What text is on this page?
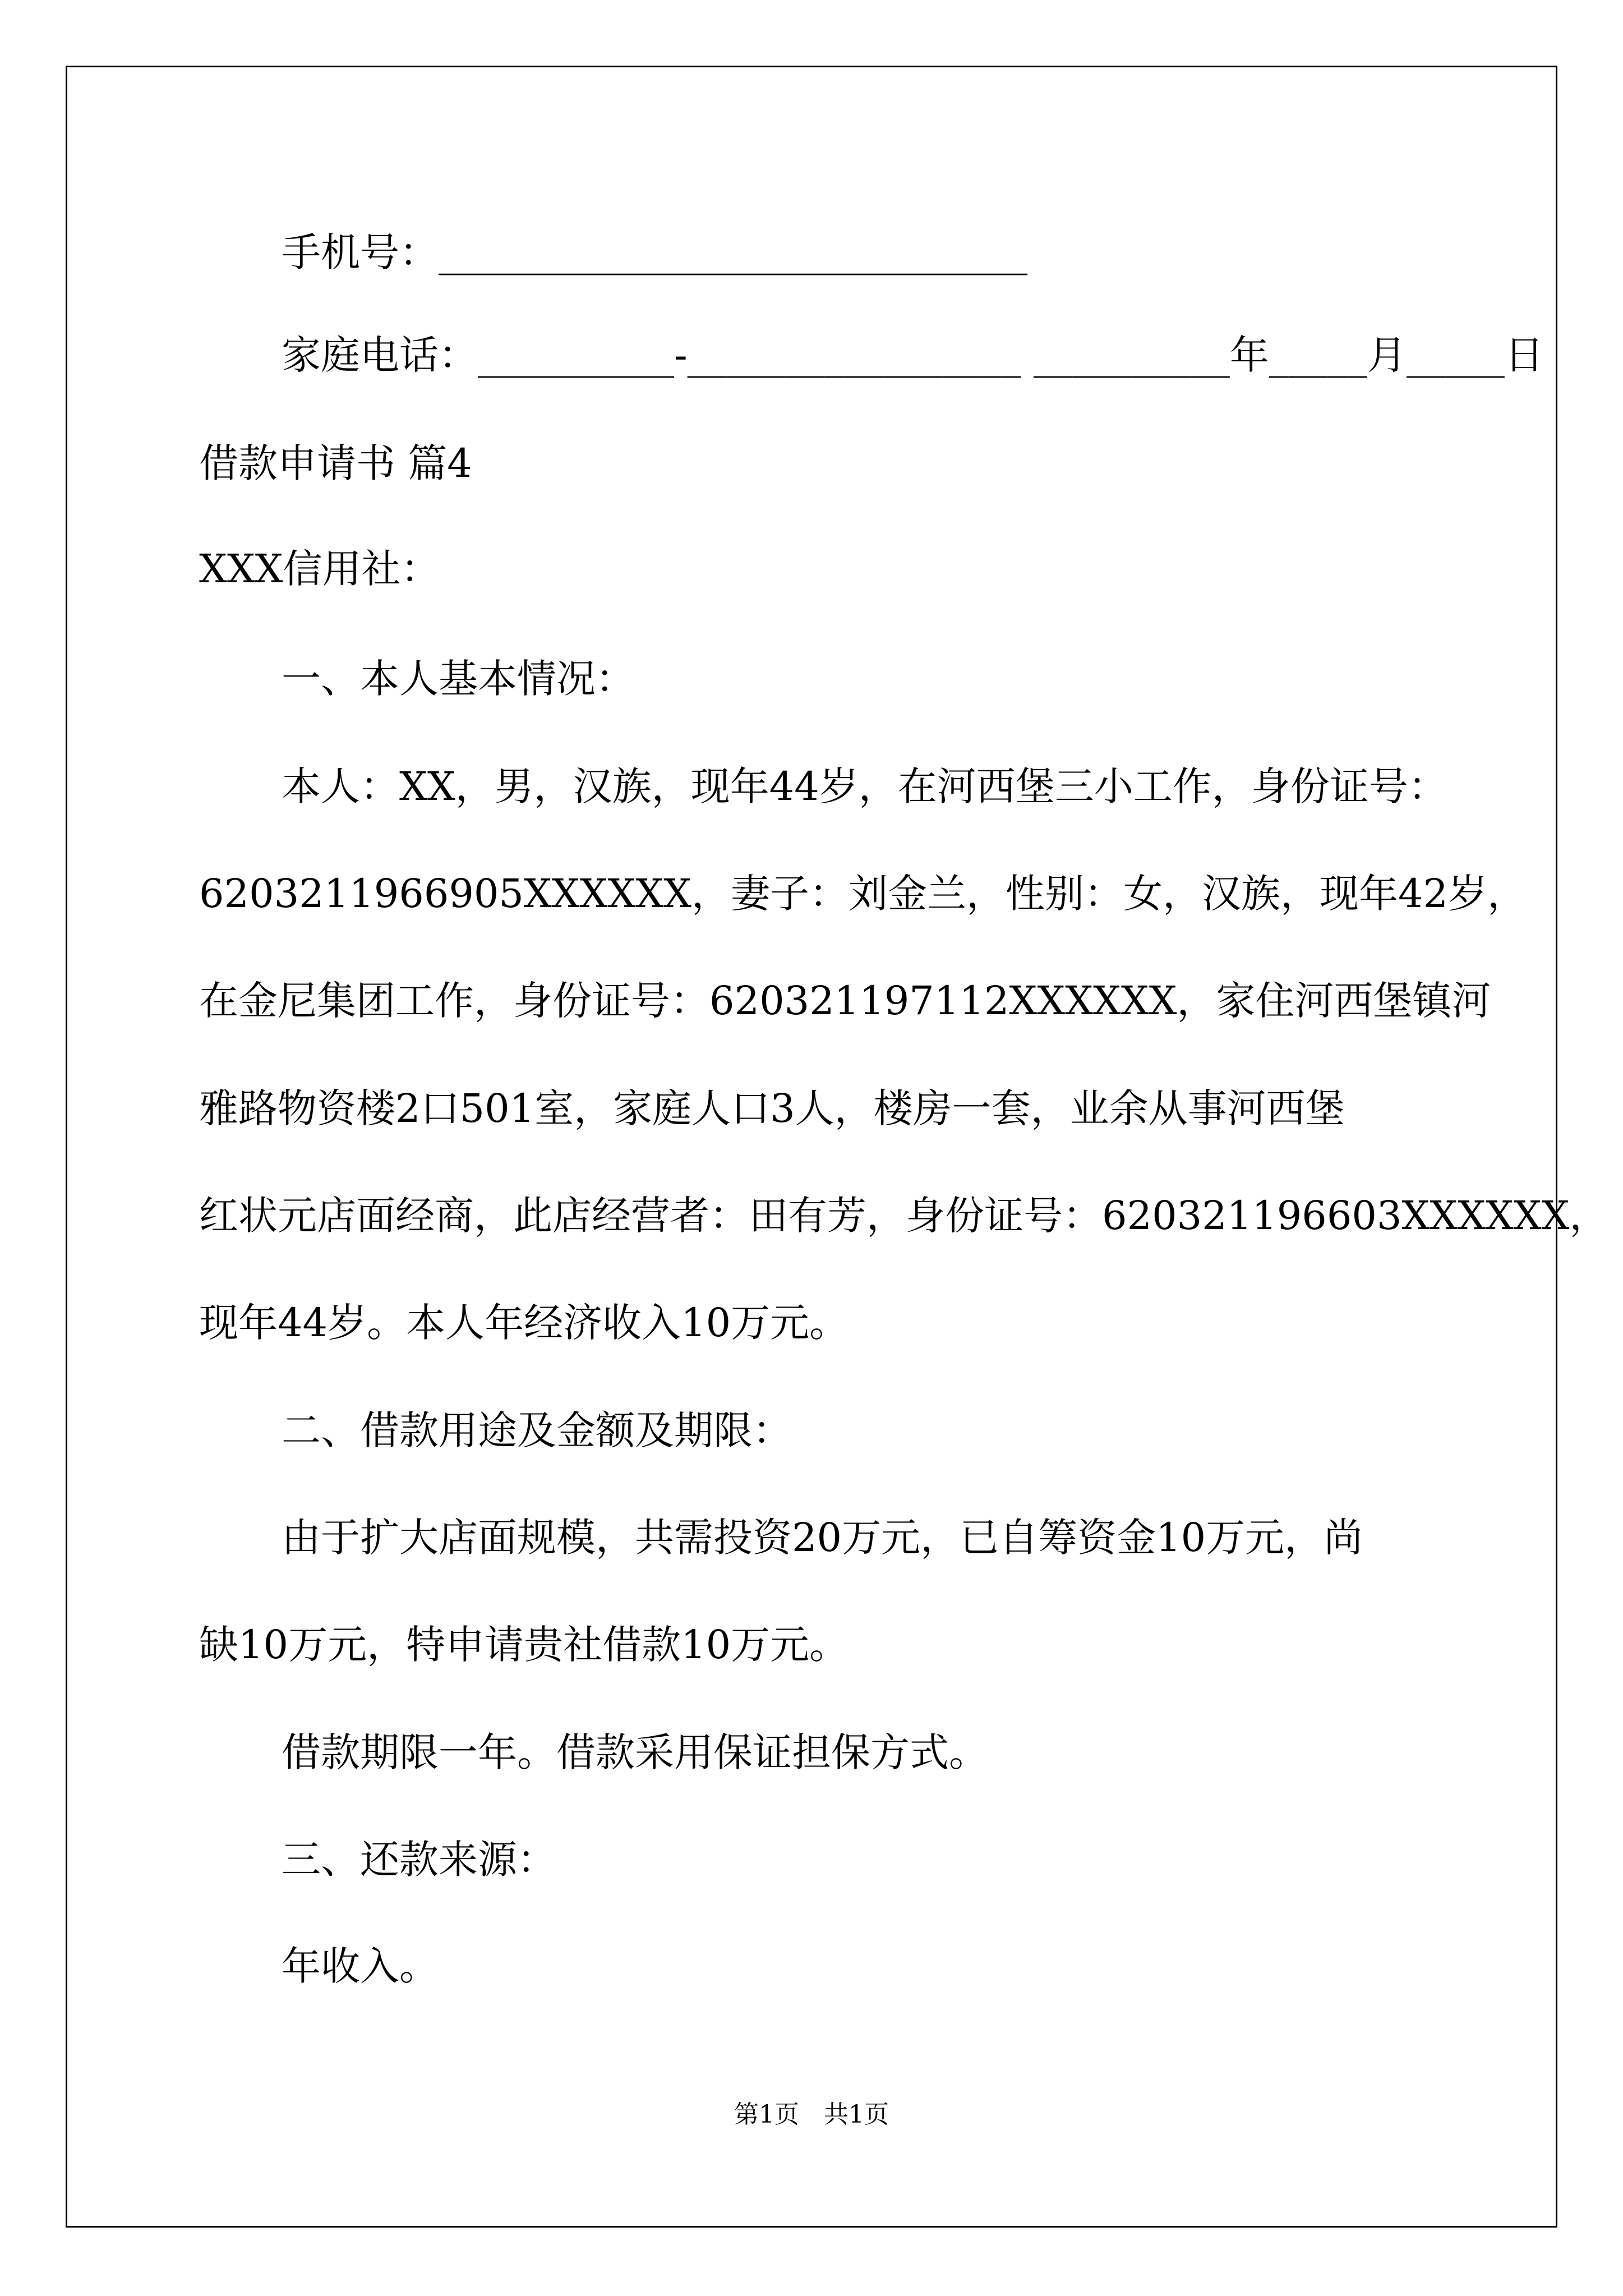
手机号：______________________________
家庭电话：__________-_________________ __________年_____月_____日
借款申请书 篇4
XXX信用社：
一、本人基本情况：
本人：XX，男，汉族，现年44岁，在河西堡三小工作，身份证号：
6203211966905XXXXXX，妻子：刘金兰，性别：女，汉族，现年42岁，
在金尼集团工作，身份证号：620321197112XXXXXX，家住河西堡镇河
雅路物资楼2口501室，家庭人口3人，楼房一套，业余从事河西堡
红状元店面经商，此店经营者：田有芳，身份证号：620321196603XXXXXX，
现年44岁。本人年经济收入10万元。
二、借款用途及金额及期限：
由于扩大店面规模，共需投资20万元，已自筹资金10万元，尚
缺10万元，特申请贵社借款10万元。
借款期限一年。借款采用保证担保方式。
三、还款来源：
年收入。
第1页　共1页
